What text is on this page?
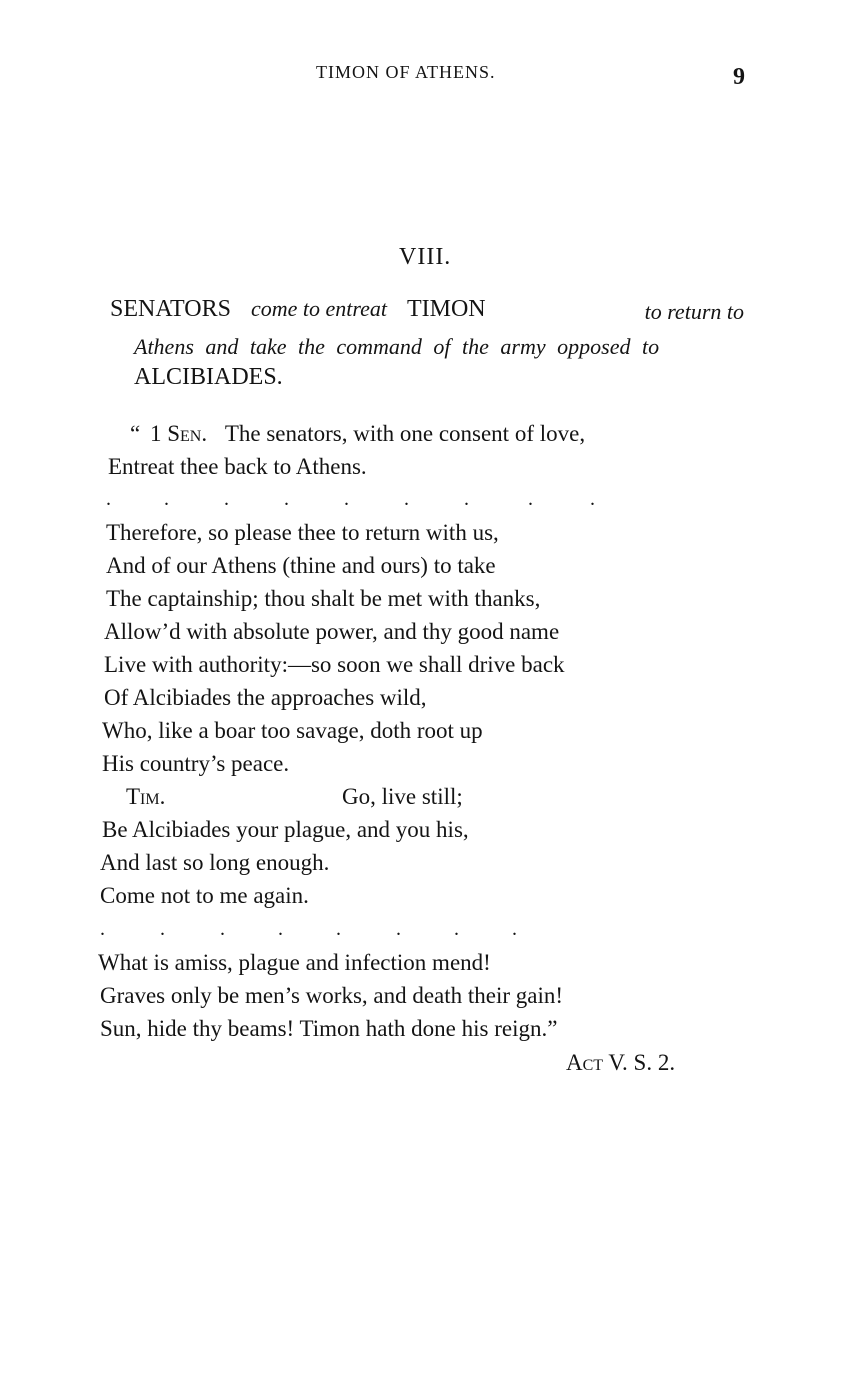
TIMON OF ATHENS.	9
VIII.
SENATORS come to entreat TIMON	to return to
Athens and take the command of the army opposed to
ALCIBIADES.
“ 1 Sen. The senators, with one consent of love,
Entreat thee back to Athens.
.	.	.	.	.	.	.	.	.
Therefore, so please thee to return with us,
And of our Athens (thine and ours) to take
The captainship; thou shalt be met with thanks,
Allow’d with absolute power, and thy good name
Live with authority:—so soon we shall drive back
Of Alcibiades the approaches wild,
Who, like a boar too savage, doth root up
His country’s peace.
Tim.	Go, live still;
Be Alcibiades your plague, and you his,
And last so long enough.
Come not to me again.
.	.	.	.	.	.	.	.
What is amiss, plague and infection mend!
Graves only be men’s works, and death their gain!
Sun, hide thy beams! Timon hath done his reign.”
Act V. S. 2.
